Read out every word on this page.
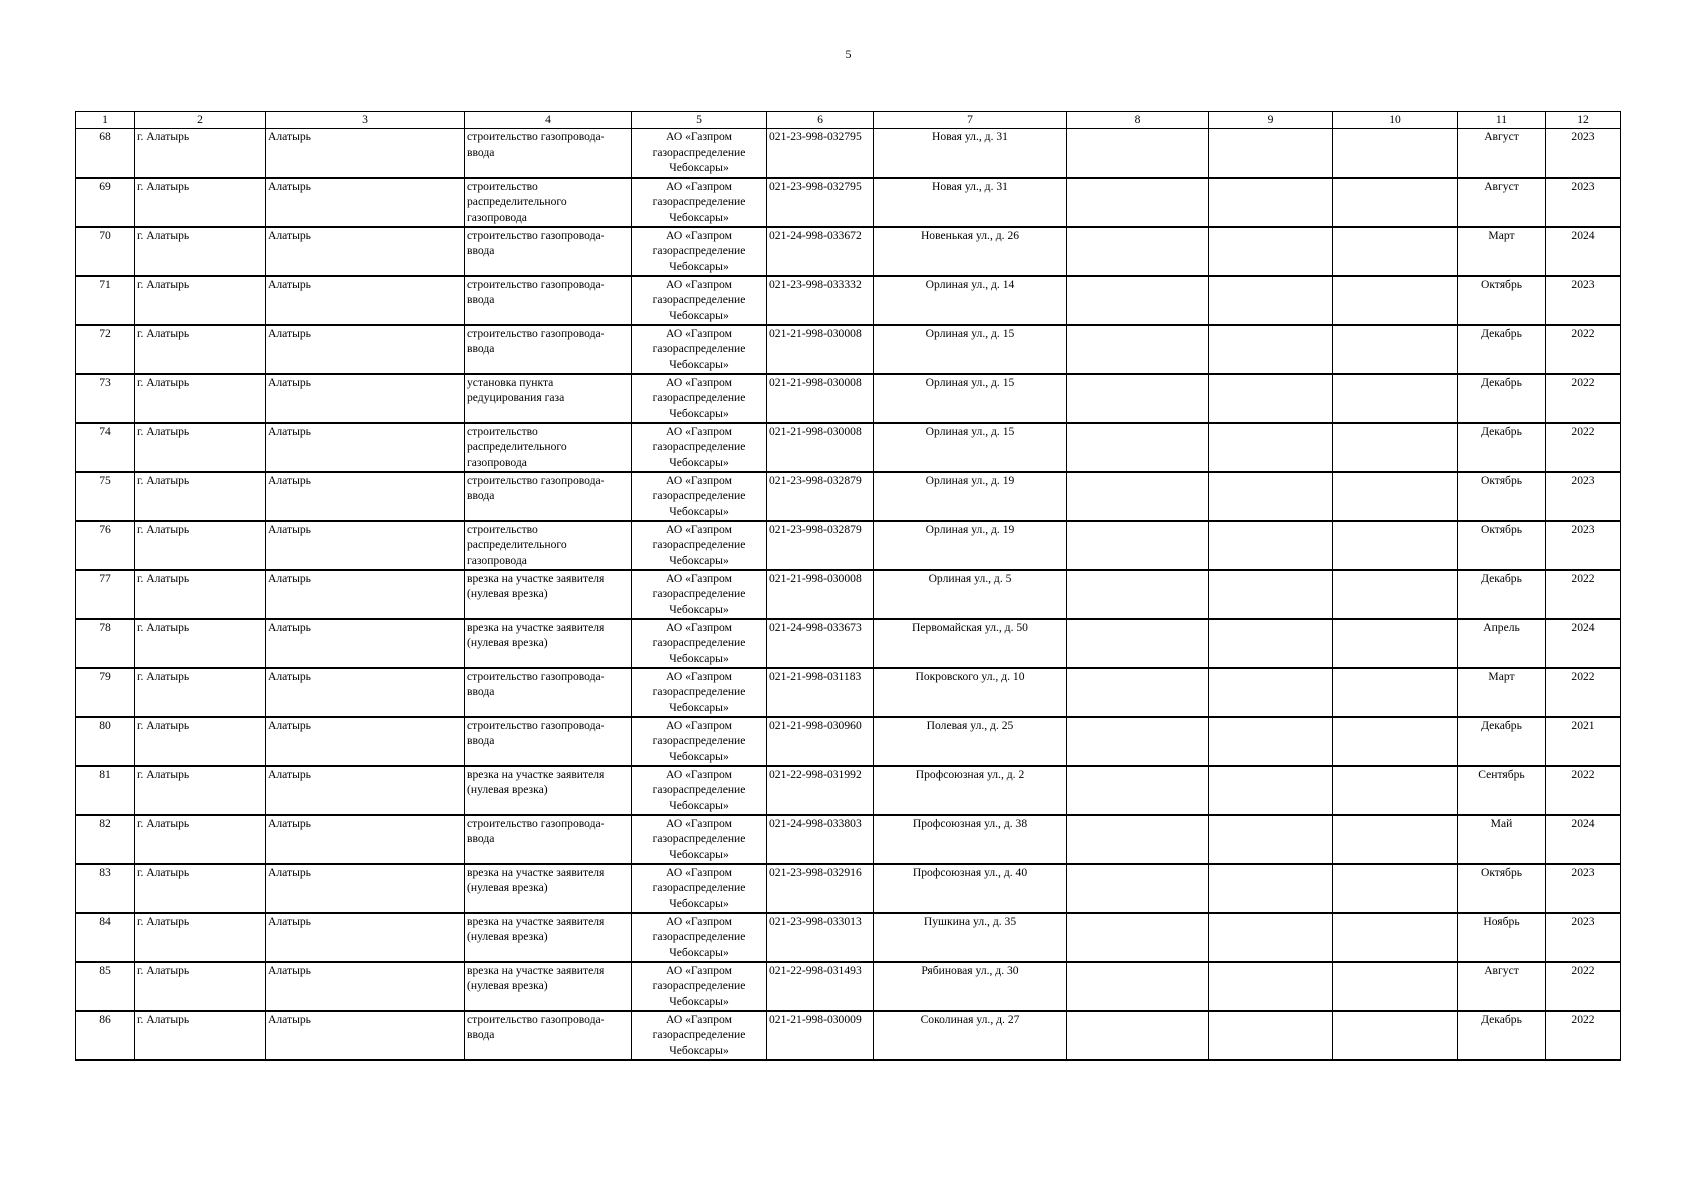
5
1	2	3	4	5	6	7	8	9	10	11	12
68	г. Алатырь	Алатырь	строительство газопровода-ввода	АО «Газпром газораспределение Чебоксары»	021-23-998-032795	Новая ул., д. 31				Август	2023
69	г. Алатырь	Алатырь	строительство распределительного газопровода	АО «Газпром газораспределение Чебоксары»	021-23-998-032795	Новая ул., д. 31				Август	2023
70	г. Алатырь	Алатырь	строительство газопровода-ввода	АО «Газпром газораспределение Чебоксары»	021-24-998-033672	Новенькая ул., д. 26				Март	2024
71	г. Алатырь	Алатырь	строительство газопровода-ввода	АО «Газпром газораспределение Чебоксары»	021-23-998-033332	Орлиная ул., д. 14				Октябрь	2023
72	г. Алатырь	Алатырь	строительство газопровода-ввода	АО «Газпром газораспределение Чебоксары»	021-21-998-030008	Орлиная ул., д. 15				Декабрь	2022
73	г. Алатырь	Алатырь	установка пункта редуцирования газа	АО «Газпром газораспределение Чебоксары»	021-21-998-030008	Орлиная ул., д. 15				Декабрь	2022
74	г. Алатырь	Алатырь	строительство распределительного газопровода	АО «Газпром газораспределение Чебоксары»	021-21-998-030008	Орлиная ул., д. 15				Декабрь	2022
75	г. Алатырь	Алатырь	строительство газопровода-ввода	АО «Газпром газораспределение Чебоксары»	021-23-998-032879	Орлиная ул., д. 19				Октябрь	2023
76	г. Алатырь	Алатырь	строительство распределительного газопровода	АО «Газпром газораспределение Чебоксары»	021-23-998-032879	Орлиная ул., д. 19				Октябрь	2023
77	г. Алатырь	Алатырь	врезка на участке заявителя (нулевая врезка)	АО «Газпром газораспределение Чебоксары»	021-21-998-030008	Орлиная ул., д. 5				Декабрь	2022
78	г. Алатырь	Алатырь	врезка на участке заявителя (нулевая врезка)	АО «Газпром газораспределение Чебоксары»	021-24-998-033673	Первомайская ул., д. 50				Апрель	2024
79	г. Алатырь	Алатырь	строительство газопровода-ввода	АО «Газпром газораспределение Чебоксары»	021-21-998-031183	Покровского ул., д. 10				Март	2022
80	г. Алатырь	Алатырь	строительство газопровода-ввода	АО «Газпром газораспределение Чебоксары»	021-21-998-030960	Полевая ул., д. 25				Декабрь	2021
81	г. Алатырь	Алатырь	врезка на участке заявителя (нулевая врезка)	АО «Газпром газораспределение Чебоксары»	021-22-998-031992	Профсоюзная ул., д. 2				Сентябрь	2022
82	г. Алатырь	Алатырь	строительство газопровода-ввода	АО «Газпром газораспределение Чебоксары»	021-24-998-033803	Профсоюзная ул., д. 38				Май	2024
83	г. Алатырь	Алатырь	врезка на участке заявителя (нулевая врезка)	АО «Газпром газораспределение Чебоксары»	021-23-998-032916	Профсоюзная ул., д. 40				Октябрь	2023
84	г. Алатырь	Алатырь	врезка на участке заявителя (нулевая врезка)	АО «Газпром газораспределение Чебоксары»	021-23-998-033013	Пушкина ул., д. 35				Ноябрь	2023
85	г. Алатырь	Алатырь	врезка на участке заявителя (нулевая врезка)	АО «Газпром газораспределение Чебоксары»	021-22-998-031493	Рябиновая ул., д. 30				Август	2022
86	г. Алатырь	Алатырь	строительство газопровода-ввода	АО «Газпром газораспределение Чебоксары»	021-21-998-030009	Соколиная ул., д. 27				Декабрь	2022
